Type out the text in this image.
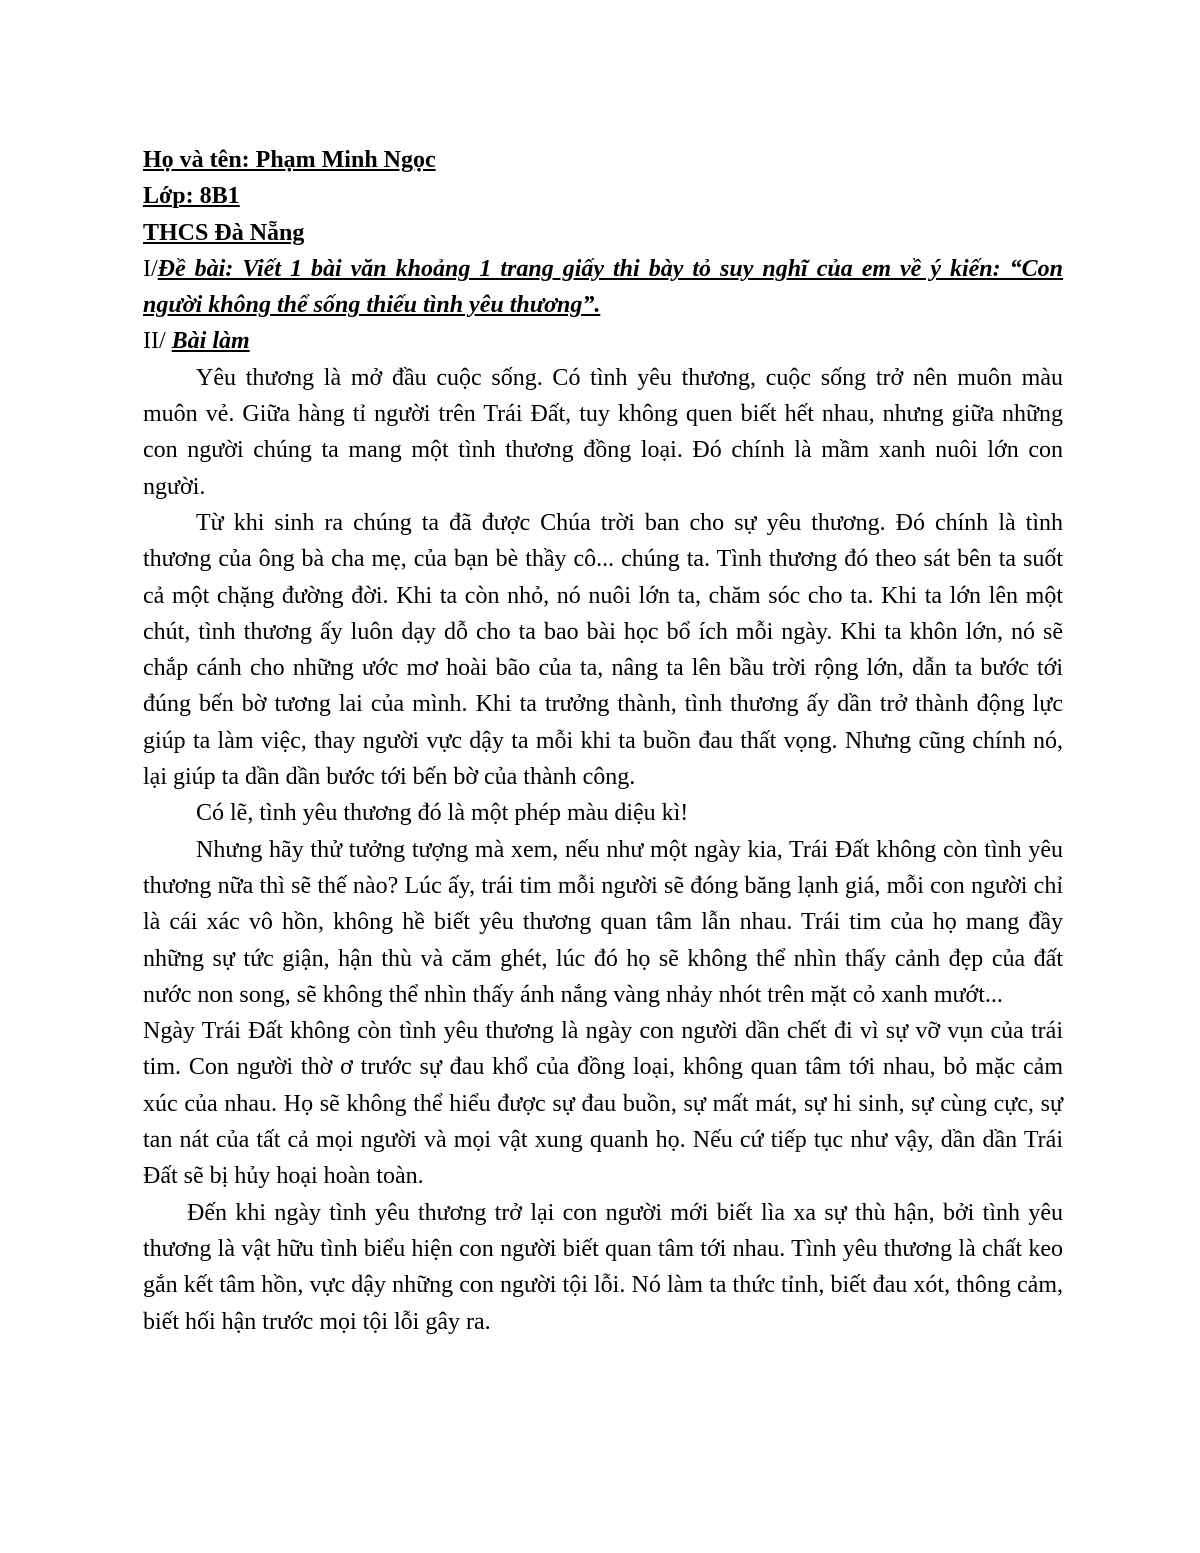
Họ và tên: Phạm Minh Ngọc
Lớp: 8B1
THCS Đà Nẵng

I/Đề bài: Viết 1 bài văn khoảng 1 trang giấy thi bày tỏ suy nghĩ của em về ý kiến: “Con người không thể sống thiếu tình yêu thương”.

II/ Bài làm

Yêu thương là mở đầu cuộc sống. Có tình yêu thương, cuộc sống trở nên muôn màu muôn vẻ. Giữa hàng tỉ người trên Trái Đất, tuy không quen biết hết nhau, nhưng giữa những con người chúng ta mang một tình thương đồng loại. Đó chính là mầm xanh nuôi lớn con người.

Từ khi sinh ra chúng ta đã được Chúa trời ban cho sự yêu thương. Đó chính là tình thương của ông bà cha mẹ, của bạn bè thầy cô... chúng ta. Tình thương đó theo sát bên ta suốt cả một chặng đường đời. Khi ta còn nhỏ, nó nuôi lớn ta, chăm sóc cho ta. Khi ta lớn lên một chút, tình thương ấy luôn dạy dỗ cho ta bao bài học bổ ích mỗi ngày. Khi ta khôn lớn, nó sẽ chắp cánh cho những ước mơ hoài bão của ta, nâng ta lên bầu trời rộng lớn, dẫn ta bước tới đúng bến bờ tương lai của mình. Khi ta trưởng thành, tình thương ấy dần trở thành động lực giúp ta làm việc, thay người vực dậy ta mỗi khi ta buồn đau thất vọng. Nhưng cũng chính nó, lại giúp ta dần dần bước tới bến bờ của thành công.

Có lẽ, tình yêu thương đó là một phép màu diệu kì!

Nhưng hãy thử tưởng tượng mà xem, nếu như một ngày kia, Trái Đất không còn tình yêu thương nữa thì sẽ thế nào? Lúc ấy, trái tim mỗi người sẽ đóng băng lạnh giá, mỗi con người chỉ là cái xác vô hồn, không hề biết yêu thương quan tâm lẫn nhau. Trái tim của họ mang đầy những sự tức giận, hận thù và căm ghét, lúc đó họ sẽ không thể nhìn thấy cảnh đẹp của đất nước non song, sẽ không thể nhìn thấy ánh nắng vàng nhảy nhót trên mặt cỏ xanh mướt...

Ngày Trái Đất không còn tình yêu thương là ngày con người dần chết đi vì sự vỡ vụn của trái tim. Con người thờ ơ trước sự đau khổ của đồng loại, không quan tâm tới nhau, bỏ mặc cảm xúc của nhau. Họ sẽ không thể hiểu được sự đau buồn, sự mất mát, sự hi sinh, sự cùng cực, sự tan nát của tất cả mọi người và mọi vật xung quanh họ. Nếu cứ tiếp tục như vậy, dần dần Trái Đất sẽ bị hủy hoại hoàn toàn.

Đến khi ngày tình yêu thương trở lại con người mới biết lìa xa sự thù hận, bởi tình yêu thương là vật hữu tình biểu hiện con người biết quan tâm tới nhau. Tình yêu thương là chất keo gắn kết tâm hồn, vực dậy những con người tội lỗi. Nó làm ta thức tỉnh, biết đau xót, thông cảm, biết hối hận trước mọi tội lỗi gây ra.
